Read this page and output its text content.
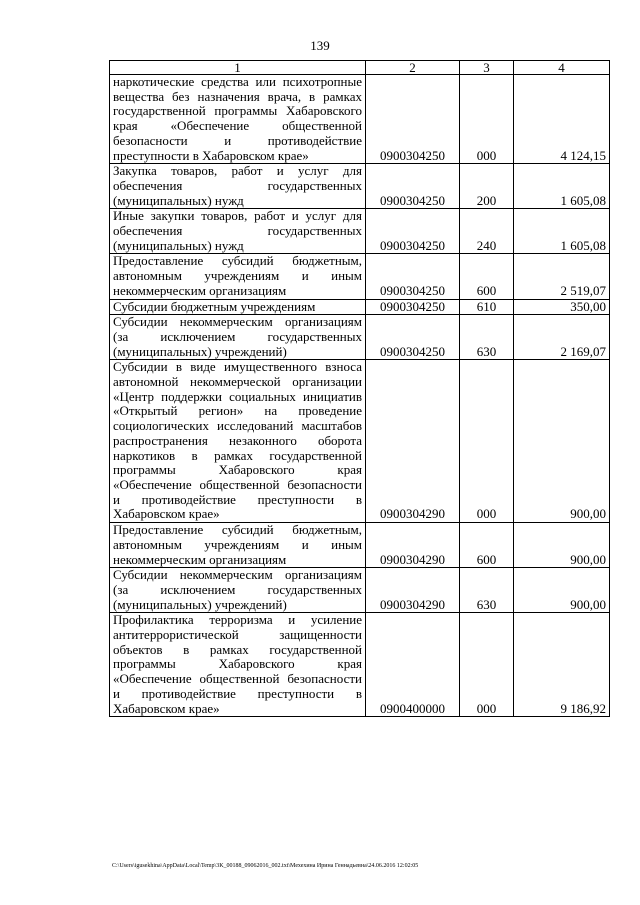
139
1	2	3	4
наркотические средства или психотропные вещества без назначения врача, в рамках государственной программы Хабаровского края «Обеспечение общественной безопасности и противодействие преступности в Хабаровском крае»	0900304250	000	4 124,15
Закупка товаров, работ и услуг для обеспечения государственных (муниципальных) нужд	0900304250	200	1 605,08
Иные закупки товаров, работ и услуг для обеспечения государственных (муниципальных) нужд	0900304250	240	1 605,08
Предоставление субсидий бюджетным, автономным учреждениям и иным некоммерческим организациям	0900304250	600	2 519,07
Субсидии бюджетным учреждениям	0900304250	610	350,00
Субсидии некоммерческим организациям (за исключением государственных (муниципальных) учреждений)	0900304250	630	2 169,07
Субсидии в виде имущественного взноса автономной некоммерческой организации «Центр поддержки социальных инициатив «Открытый регион» на проведение социологических исследований масштабов распространения незаконного оборота наркотиков в рамках государственной программы Хабаровского края «Обеспечение общественной безопасности и противодействие преступности в Хабаровском крае»	0900304290	000	900,00
Предоставление субсидий бюджетным, автономным учреждениям и иным некоммерческим организациям	0900304290	600	900,00
Субсидии некоммерческим организациям (за исключением государственных (муниципальных) учреждений)	0900304290	630	900,00
Профилактика терроризма и усиление антитеррористической защищенности объектов в рамках государственной программы Хабаровского края «Обеспечение общественной безопасности и противодействие преступности в Хабаровском крае»	0900400000	000	9 186,92
C:\Users\igusekhina\AppData\Local\Temp\3K_00188_09062016_002.txt\Мехехина Ирина Геннадьевна\24.06.2016 12:02:05
